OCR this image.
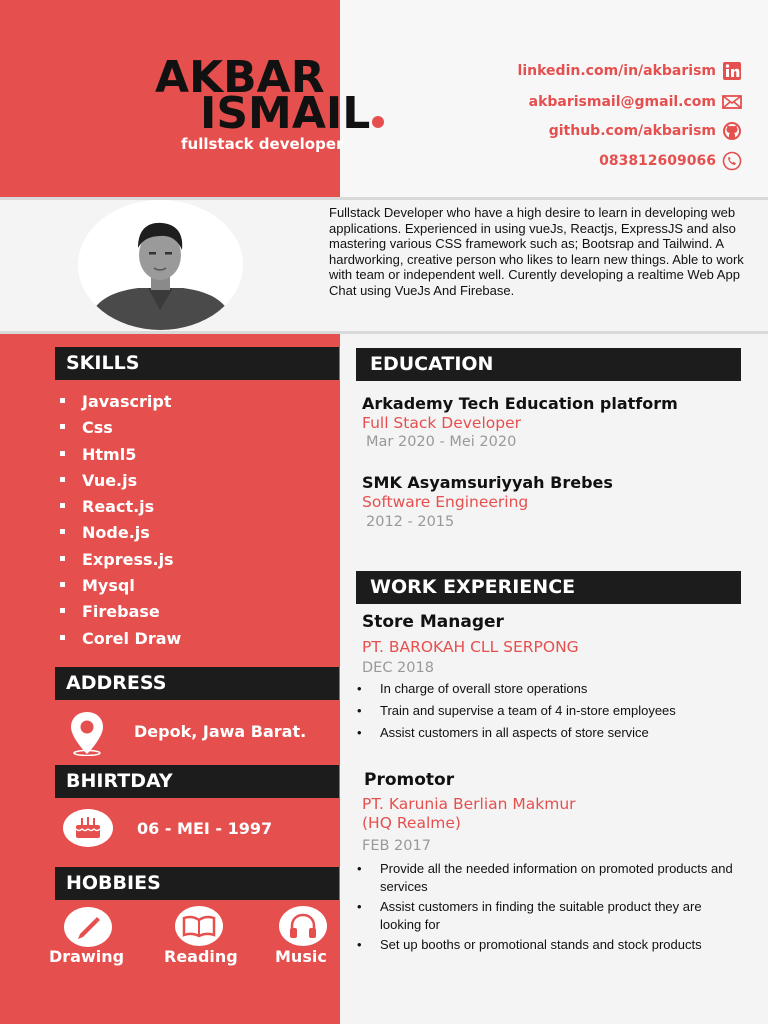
AKBAR
ISMAIL
fullstack developer
linkedin.com/in/akbarism
akbarismail@gmail.com
github.com/akbarism
083812609066
Fullstack Developer who have a high desire to learn in developing web applications. Experienced in using vueJs, Reactjs, ExpressJS and also mastering various CSS framework such as; Bootsrap and Tailwind. A hardworking, creative person who likes to learn new things. Able to work with team or independent well. Curently developing a realtime Web App Chat using VueJs And Firebase.
SKILLS
Javascript
Css
Html5
Vue.js
React.js
Node.js
Express.js
Mysql
Firebase
Corel Draw
ADDRESS
Depok, Jawa Barat.
BHIRTDAY
06 - MEI - 1997
HOBBIES
Drawing Reading Music
EDUCATION
Arkademy Tech Education platform
Full Stack Developer
Mar 2020 - Mei 2020
SMK Asyamsuriyyah Brebes
Software Engineering
2012 - 2015
WORK EXPERIENCE
Store Manager
PT. BAROKAH CLL SERPONG
DEC 2018
• In charge of overall store operations
• Train and supervise a team of 4 in-store employees
• Assist customers in all aspects of store service
Promotor
PT. Karunia Berlian Makmur
(HQ Realme)
FEB 2017
• Provide all the needed information on promoted products and services
• Assist customers in finding the suitable product they are looking for
• Set up booths or promotional stands and stock products
